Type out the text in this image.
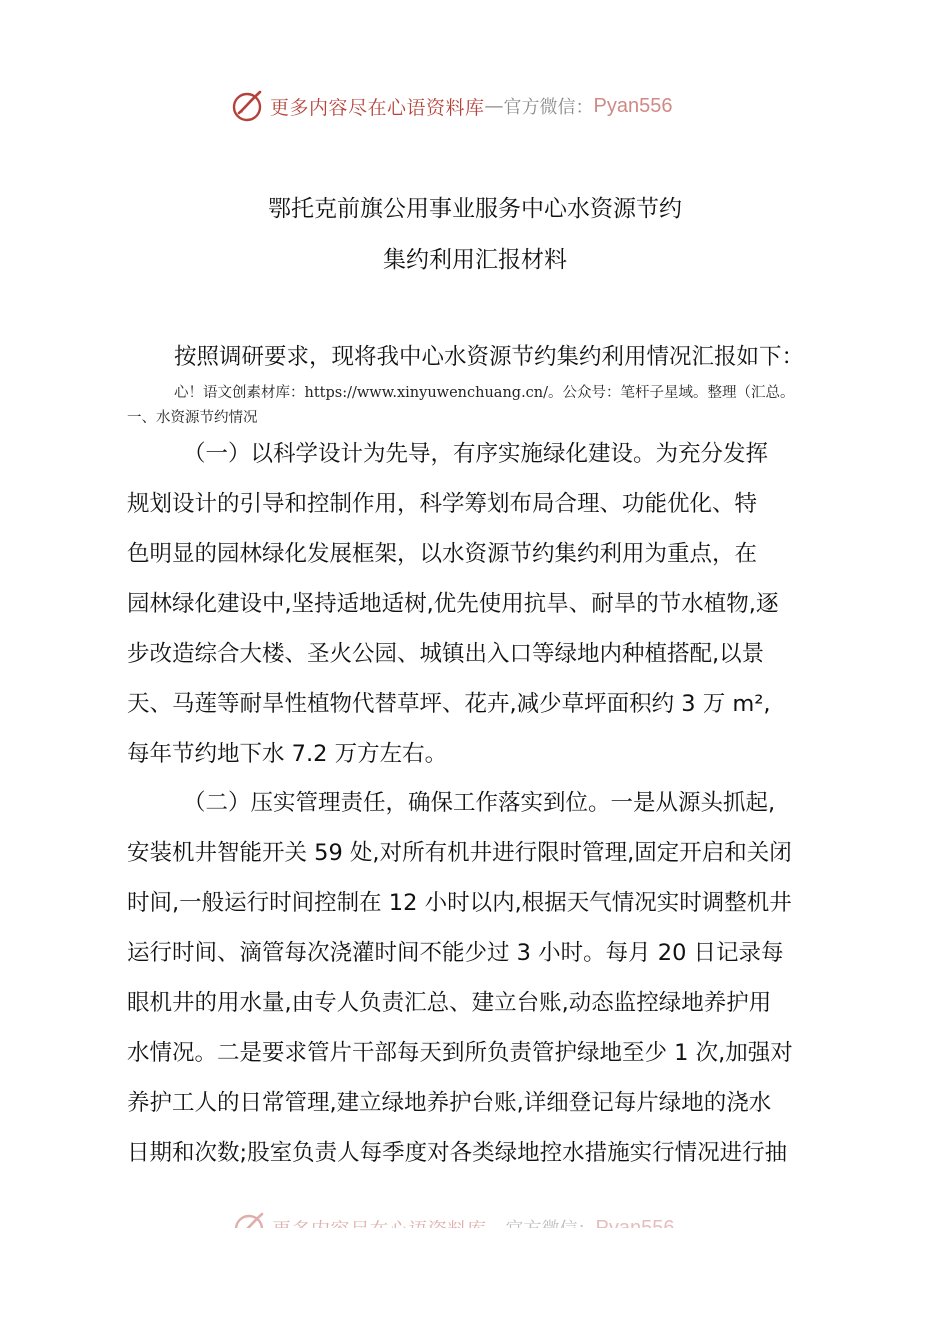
更多内容尽在心语资料库 — 官方微信： Pyan556
鄂托克前旗公用事业服务中心水资源节约
集约利用汇报材料
按照调研要求，现将我中心水资源节约集约利用情况汇报如下：
心！语文创素材库：https://www.xinyuwenchuang.cn/。公众号：笔杆子星域。整理（汇总。
一、水资源节约情况
（一）以科学设计为先导，有序实施绿化建设。为充分发挥
规划设计的引导和控制作用，科学筹划布局合理、功能优化、特
色明显的园林绿化发展框架，以水资源节约集约利用为重点，在
园林绿化建设中,坚持适地适树,优先使用抗旱、耐旱的节水植物,逐
步改造综合大楼、圣火公园、城镇出入口等绿地内种植搭配,以景
天、马莲等耐旱性植物代替草坪、花卉,减少草坪面积约 3 万 m²,
每年节约地下水 7.2 万方左右。
（二）压实管理责任，确保工作落实到位。一是从源头抓起,
安装机井智能开关 59 处,对所有机井进行限时管理,固定开启和关闭
时间,一般运行时间控制在 12 小时以内,根据天气情况实时调整机井
运行时间、滴管每次浇灌时间不能少过 3 小时。每月 20 日记录每
眼机井的用水量,由专人负责汇总、建立台账,动态监控绿地养护用
水情况。二是要求管片干部每天到所负责管护绿地至少 1 次,加强对
养护工人的日常管理,建立绿地养护台账,详细登记每片绿地的浇水
日期和次数;股室负责人每季度对各类绿地控水措施实行情况进行抽
